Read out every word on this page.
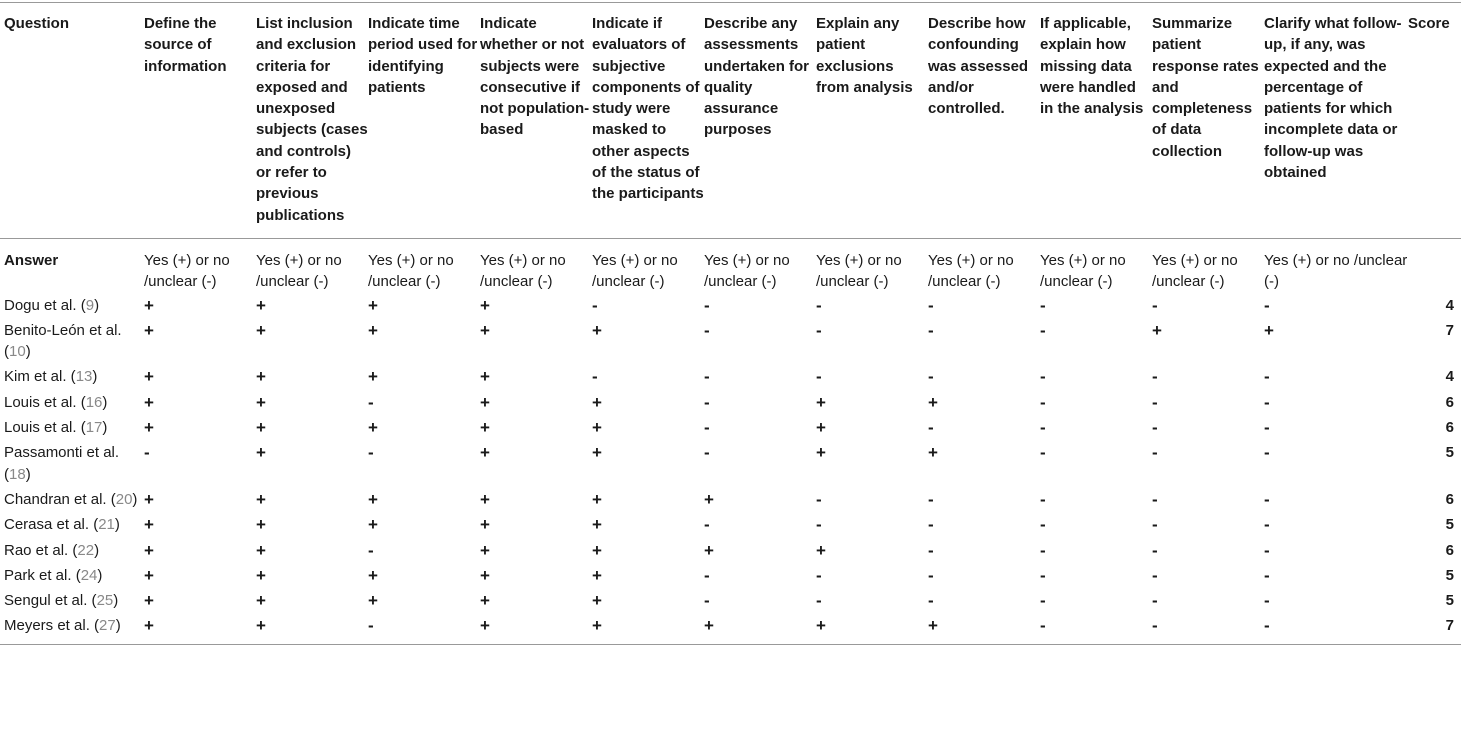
Question	Define the source of information	List inclusion and exclusion criteria for exposed and unexposed subjects (cases and controls) or refer to previous publications	Indicate time period used for identifying patients	Indicate whether or not subjects were consecutive if not population-based	Indicate if evaluators of subjective components of study were masked to other aspects of the status of the participants	Describe any assessments undertaken for quality assurance purposes	Explain any patient exclusions from analysis	Describe how confounding was assessed and/or controlled.	If applicable, explain how missing data were handled in the analysis	Summarize patient response rates and completeness of data collection	Clarify what follow-up, if any, was expected and the percentage of patients for which incomplete data or follow-up was obtained	Score
Answer	Yes (+) or no /unclear (-)	Yes (+) or no /unclear (-)	Yes (+) or no /unclear (-)	Yes (+) or no /unclear (-)	Yes (+) or no /unclear (-)	Yes (+) or no /unclear (-)	Yes (+) or no /unclear (-)	Yes (+) or no /unclear (-)	Yes (+) or no /unclear (-)	Yes (+) or no /unclear (-)	Yes (+) or no /unclear (-)	
Dogu et al. (9)	+	+	+	+	-	-	-	-	-	-	-	4
Benito-León et al. (10)	+	+	+	+	+	-	-	-	-	+	+	7
Kim et al. (13)	+	+	+	+	-	-	-	-	-	-	-	4
Louis et al. (16)	+	+	-	+	+	-	+	+	-	-	-	6
Louis et al. (17)	+	+	+	+	+	-	+	-	-	-	-	6
Passamonti et al. (18)	-	+	-	+	+	-	+	+	-	-	-	5
Chandran et al. (20)	+	+	+	+	+	+	-	-	-	-	-	6
Cerasa et al. (21)	+	+	+	+	+	-	-	-	-	-	-	5
Rao et al. (22)	+	+	-	+	+	+	+	-	-	-	-	6
Park et al. (24)	+	+	+	+	+	-	-	-	-	-	-	5
Sengul et al. (25)	+	+	+	+	+	-	-	-	-	-	-	5
Meyers et al. (27)	+	+	-	+	+	+	+	+	-	-	-	7
